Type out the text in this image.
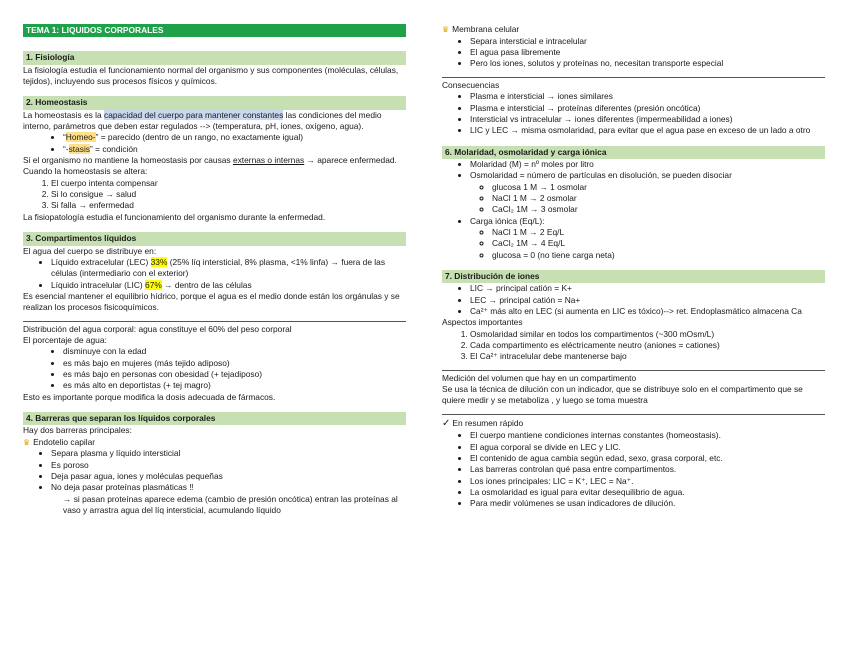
TEMA 1: LIQUIDOS CORPORALES
1. Fisiología

La fisiología estudia el funcionamiento normal del organismo y sus componentes (moléculas, células, tejidos), incluyendo sus procesos físicos y químicos.

2. Homeostasis

La homeostasis es la capacidad del cuerpo para mantener constantes las condiciones del medio interno, parámetros que deben estar regulados --> (temperatura, pH, iones, oxígeno, agua).

• “Homeo-” = parecido (dentro de un rango, no exactamente igual)
• “-stasis” = condición

Si el organismo no mantiene la homeostasis por causas externas o internas → aparece enfermedad.

Cuando la homeostasis se altera:

1. El cuerpo intenta compensar
2. Si lo consigue → salud
3. Si falla → enfermedad

La fisiopatología estudia el funcionamiento del organismo durante la enfermedad.

3. Compartimentos líquidos

El agua del cuerpo se distribuye en:

• Líquido extracelular (LEC) 33% (25% líq intersticial, 8% plasma, <1% linfa) → fuera de las células (intermediario con el exterior)
• Líquido intracelular (LIC) 67% → dentro de las células

Es esencial mantener el equilibrio hídrico, porque el agua es el medio donde están los orgánulas y se realizan los procesos fisicoquímicos.

Distribución del agua corporal: agua constituye el 60% del peso corporal

El porcentaje de agua:

• disminuye con la edad
• es más bajo en mujeres (más tejido adiposo)
• es más bajo en personas con obesidad (+ tejadiposo)
• es más alto en deportistas (+ tej magro)

Esto es importante porque modifica la dosis adecuada de fármacos.

4. Barreras que separan los líquidos corporales

Hay dos barreras principales:

♛ Endotelio capilar

• Separa plasma y líquido intersticial
• Es poroso
• Deja pasar agua, iones y moléculas pequeñas
• No deja pasar proteínas plasmáticas ‼

→ si pasan proteínas aparece edema (cambio de presión oncótica) entran las proteínas al vaso y arrastra agua del líq intersticial, acumulando líquido

♛ Membrana celular

• Separa intersticial e intracelular
• El agua pasa libremente
• Pero los iones, solutos y proteínas no, necesitan transporte especial

Consecuencias

• Plasma e intersticial → iones similares
• Plasma e intersticial → proteínas diferentes (presión oncótica)
• Intersticial vs intracelular → iones diferentes (impermeabilidad a iones)
• LIC y LEC → misma osmolaridad, para evitar que el agua pase en exceso de un lado a otro
6. Molaridad, osmolaridad y carga iónica
• Molaridad (M) = nº moles por litro
• Osmolaridad = número de partículas en disolución, se pueden disociar
◦ glucosa 1 M → 1 osmolar
◦ NaCl 1 M → 2 osmolar
◦ CaCl₂ 1M → 3 osmolar
• Carga iónica (Eq/L):
◦ NaCl 1 M → 2 Eq/L
◦ CaCl₂ 1M → 4 Eq/L
◦ glucosa = 0 (no tiene carga neta)
7. Distribución de iones
• LIC → principal catión = K+
• LEC → principal catión = Na+
• Ca²⁺ más alto en LEC (si aumenta en LIC es tóxico)--> ret. Endoplasmático almacena Ca

Aspectos importantes

1. Osmolaridad similar en todos los compartimentos (~300 mOsm/L)
2. Cada compartimento es eléctricamente neutro (aniones = cationes)
3. El Ca²⁺ intracelular debe mantenerse bajo

Medición del volumen que hay en un compartimento

Se usa la técnica de dilución con un indicador, que se distribuye solo en el compartimento que se quiere medir y se metaboliza , y luego se toma muestra

✓ En resumen rápido

• El cuerpo mantiene condiciones internas constantes (homeostasis).
• El agua corporal se divide en LEC y LIC.
• El contenido de agua cambia según edad, sexo, grasa corporal, etc.
• Las barreras controlan qué pasa entre compartimentos.
• Los iones principales: LIC = K⁺, LEC = Na⁺.
• La osmolaridad es igual para evitar desequilibrio de agua.
• Para medir volúmenes se usan indicadores de dilución.
